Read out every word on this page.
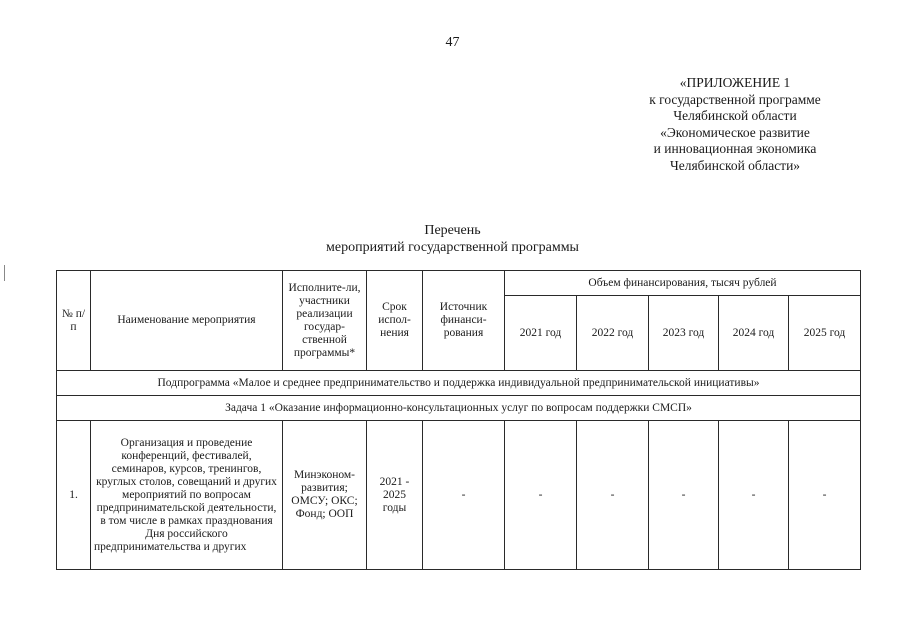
47
«ПРИЛОЖЕНИЕ 1
к государственной программе
Челябинской области
«Экономическое развитие
и инновационная экономика
Челябинской области»
Перечень
мероприятий государственной программы
№ п/п	Наименование мероприятия	Исполните-ли, участники реализации государ-ственной программы*	Срок испол-нения	Источник финанси-рования	Объем финансирования, тысяч рублей				
					2021 год	2022 год	2023 год	2024 год	2025 год
Подпрограмма «Малое и среднее предпринимательство и поддержка индивидуальной предпринимательской инициативы»									
Задача 1 «Оказание информационно-консультационных услуг по вопросам поддержки СМСП»									
1.	Организация и проведение конференций, фестивалей, семинаров, курсов, тренингов, круглых столов, совещаний и других мероприятий по вопросам предпринимательской деятельности, в том числе в рамках празднования Дня российского предпринимательства и других	Минэконом-развития; ОМСУ; ОКС; Фонд; ООП	2021 - 2025 годы	-	-	-	-	-	-
